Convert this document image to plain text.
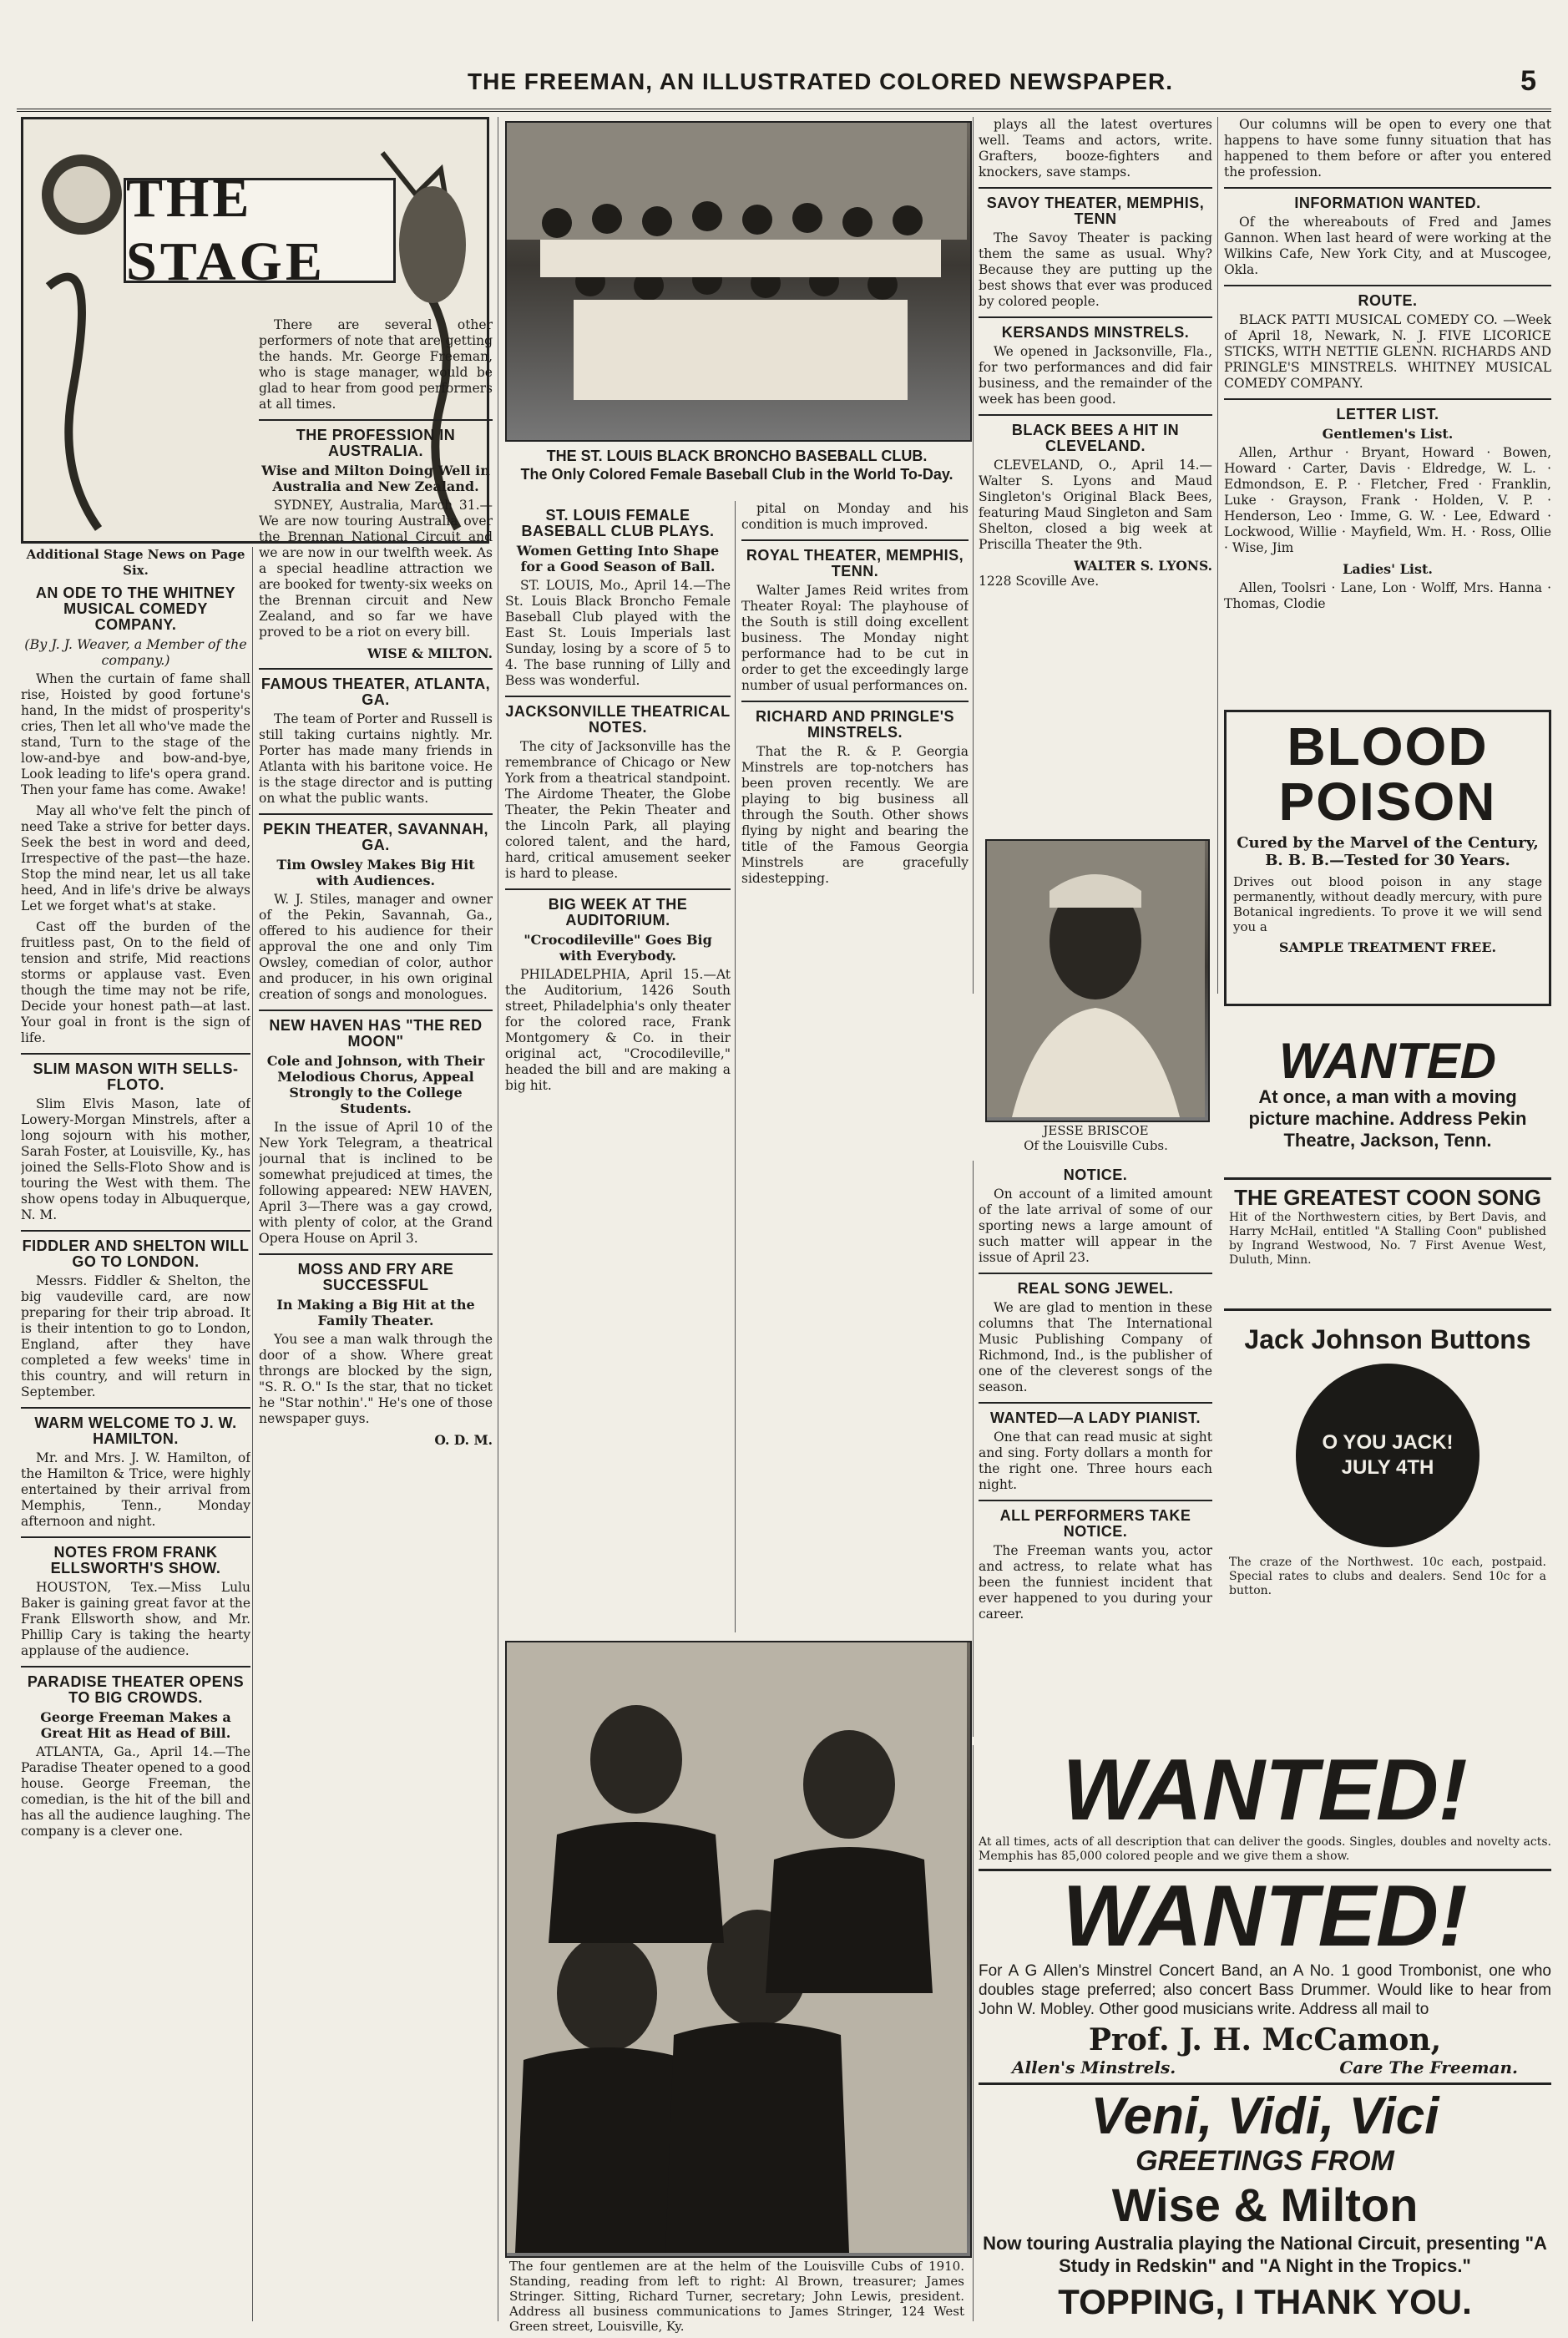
THE FREEMAN, AN ILLUSTRATED COLORED NEWSPAPER.	5
THE STAGE
Additional Stage News on Page Six.
AN ODE TO THE WHITNEY MUSICAL COMEDY COMPANY.
(By J. J. Weaver, a Member of the company.)

When the curtain of fame shall rise, Hoisted by good fortune's hand, In the midst of prosperity's cries, Then let all who've made the stand, Turn to the stage of the low-and-bye and bow-and-bye, Look leading to life's opera grand. Then your fame has come. Awake!

May all who've felt the pinch of need Take a strive for better days. Seek the best in word and deed, Irrespective of the past—the haze. Stop the mind near, let us all take heed, And in life's drive be always Let we forget what's at stake.

Cast off the burden of the fruitless past, On to the field of tension and strife, Mid reactions storms or applause vast. Even though the time may not be rife, Decide your honest path—at last. Your goal in front is the sign of life.

SLIM MASON WITH SELLS-FLOTO.

Slim Elvis Mason, late of Lowery-Morgan Minstrels, after a long sojourn with his mother, Sarah Foster, at Louisville, Ky., has joined the Sells-Floto Show and is touring the West with them. The show opens today in Albuquerque, N. M.

FIDDLER AND SHELTON WILL GO TO LONDON.

Messrs. Fiddler & Shelton, the big vaudeville card, are now preparing for their trip abroad. It is their intention to go to London, England, after they have completed a few weeks' time in this country, and will return in September.

WARM WELCOME TO J. W. HAMILTON.

Mr. and Mrs. J. W. Hamilton, of the Hamilton & Trice, were highly entertained by their arrival from Memphis, Tenn., Monday afternoon and night.

NOTES FROM FRANK ELLSWORTH'S SHOW.

HOUSTON, Tex.—Miss Lulu Baker is gaining great favor at the Frank Ellsworth show, and Mr. Phillip Cary is taking the hearty applause of the audience.

PARADISE THEATER OPENS TO BIG CROWDS.
George Freeman Makes a Great Hit as Head of Bill.

ATLANTA, Ga., April 14.—The Paradise Theater opened to a good house. George Freeman, the comedian, is the hit of the bill and has all the audience laughing. The company is a clever one.

There are several other performers of note that are getting the hands. Mr. George Freeman, who is stage manager, would be glad to hear from good performers at all times.

THE PROFESSION IN AUSTRALIA.
Wise and Milton Doing Well in Australia and New Zealand.

SYDNEY, Australia, March 31.—We are now touring Australia over the Brennan National Circuit and we are now in our twelfth week. As a special headline attraction we are booked for twenty-six weeks on the Brennan circuit and New Zealand, and so far we have proved to be a riot on every bill.

WISE & MILTON.
FAMOUS THEATER, ATLANTA, GA.

The team of Porter and Russell is still taking curtains nightly. Mr. Porter has made many friends in Atlanta with his baritone voice. He is the stage director and is putting on what the public wants.

PEKIN THEATER, SAVANNAH, GA.
Tim Owsley Makes Big Hit with Audiences.

W. J. Stiles, manager and owner of the Pekin, Savannah, Ga., offered to his audience for their approval the one and only Tim Owsley, comedian of color, author and producer, in his own original creation of songs and monologues.

NEW HAVEN HAS "THE RED MOON"
Cole and Johnson, with Their Melodious Chorus, Appeal Strongly to the College Students.

In the issue of April 10 of the New York Telegram, a theatrical journal that is inclined to be somewhat prejudiced at times, the following appeared: NEW HAVEN, April 3—There was a gay crowd, with plenty of color, at the Grand Opera House on April 3.

MOSS AND FRY ARE SUCCESSFUL
In Making a Big Hit at the Family Theater.

You see a man walk through the door of a show. Where great throngs are blocked by the sign, "S. R. O." Is the star, that no ticket he "Star nothin'." He's one of those newspaper guys.

O. D. M.
THE ST. LOUIS BLACK BRONCHO BASEBALL CLUB.
The Only Colored Female Baseball Club in the World To-Day.
ST. LOUIS FEMALE BASEBALL CLUB PLAYS.
Women Getting Into Shape for a Good Season of Ball.

ST. LOUIS, Mo., April 14.—The St. Louis Black Broncho Female Baseball Club played with the East St. Louis Imperials last Sunday, losing by a score of 5 to 4. The base running of Lilly and Bess was wonderful.

JACKSONVILLE THEATRICAL NOTES.

The city of Jacksonville has the remembrance of Chicago or New York from a theatrical standpoint. The Airdome Theater, the Globe Theater, the Pekin Theater and the Lincoln Park, all playing colored talent, and the hard, hard, critical amusement seeker is hard to please.

BIG WEEK AT THE AUDITORIUM.
"Crocodileville" Goes Big with Everybody.

PHILADELPHIA, April 15.—At the Auditorium, 1426 South street, Philadelphia's only theater for the colored race, Frank Montgomery & Co. in their original act, "Crocodileville," headed the bill and are making a big hit.

pital on Monday and his condition is much improved.

ROYAL THEATER, MEMPHIS, TENN.

Walter James Reid writes from Theater Royal: The playhouse of the South is still doing excellent business. The Monday night performance had to be cut in order to get the exceedingly large number of usual performances on.

RICHARD AND PRINGLE'S MINSTRELS.

That the R. & P. Georgia Minstrels are top-notchers has been proven recently. We are playing to big business all through the South. Other shows flying by night and bearing the title of the Famous Georgia Minstrels are gracefully sidestepping.

The four gentlemen are at the helm of the Louisville Cubs of 1910. Standing, reading from left to right: Al Brown, treasurer; James Stringer. Sitting, Richard Turner, secretary; John Lewis, president. Address all business communications to James Stringer, 124 West Green street, Louisville, Ky.

plays all the latest overtures well. Teams and actors, write. Grafters, booze-fighters and knockers, save stamps.

SAVOY THEATER, MEMPHIS, TENN

The Savoy Theater is packing them the same as usual. Why? Because they are putting up the best shows that ever was produced by colored people.

KERSANDS MINSTRELS.

We opened in Jacksonville, Fla., for two performances and did fair business, and the remainder of the week has been good.

BLACK BEES A HIT IN CLEVELAND.

CLEVELAND, O., April 14.—Walter S. Lyons and Maud Singleton's Original Black Bees, featuring Maud Singleton and Sam Shelton, closed a big week at Priscilla Theater the 9th.

WALTER S. LYONS.
1228 Scoville Ave.
JESSE BRISCOE
Of the Louisville Cubs.
NOTICE.

On account of a limited amount of the late arrival of some of our sporting news a large amount of such matter will appear in the issue of April 23.

REAL SONG JEWEL.

We are glad to mention in these columns that The International Music Publishing Company of Richmond, Ind., is the publisher of one of the cleverest songs of the season.

WANTED—A LADY PIANIST.

One that can read music at sight and sing. Forty dollars a month for the right one. Three hours each night.

ALL PERFORMERS TAKE NOTICE.

The Freeman wants you, actor and actress, to relate what has been the funniest incident that ever happened to you during your career.

Our columns will be open to every one that happens to have some funny situation that has happened to them before or after you entered the profession.

INFORMATION WANTED.

Of the whereabouts of Fred and James Gannon. When last heard of were working at the Wilkins Cafe, New York City, and at Muscogee, Okla.

ROUTE.

BLACK PATTI MUSICAL COMEDY CO. —Week of April 18, Newark, N. J. FIVE LICORICE STICKS, WITH NETTIE GLENN. RICHARDS AND PRINGLE'S MINSTRELS. WHITNEY MUSICAL COMEDY COMPANY.

LETTER LIST.
Gentlemen's List.

Allen, Arthur · Bryant, Howard · Bowen, Howard · Carter, Davis · Eldredge, W. L. · Edmondson, E. P. · Fletcher, Fred · Franklin, Luke · Grayson, Frank · Holden, V. P. · Henderson, Leo · Imme, G. W. · Lee, Edward · Lockwood, Willie · Mayfield, Wm. H. · Ross, Ollie · Wise, Jim

Ladies' List.

Allen, Toolsri · Lane, Lon · Wolff, Mrs. Hanna · Thomas, Clodie

BLOOD POISON
Cured by the Marvel of the Century, B. B. B.—Tested for 30 Years.
Drives out blood poison in any stage permanently, without deadly mercury, with pure Botanical ingredients. To prove it we will send you a
SAMPLE TREATMENT FREE.
WANTED
At once, a man with a moving picture machine. Address Pekin Theatre, Jackson, Tenn.
THE GREATEST COON SONG
Hit of the Northwestern cities, by Bert Davis, and Harry McHail, entitled "A Stalling Coon" published by Ingrand Westwood, No. 7 First Avenue West, Duluth, Minn.
Jack Johnson Buttons
O YOU JACK! JULY 4TH
The craze of the Northwest. 10c each, postpaid. Special rates to clubs and dealers. Send 10c for a button.
WANTED!
At all times, acts of all description that can deliver the goods. Singles, doubles and novelty acts. Memphis has 85,000 colored people and we give them a show.
WANTED!
For A G Allen's Minstrel Concert Band, an A No. 1 good Trombonist, one who doubles stage preferred; also concert Bass Drummer. Would like to hear from John W. Mobley. Other good musicians write. Address all mail to
Prof. J. H. McCamon,
Allen's Minstrels.	Care The Freeman.
Veni, Vidi, Vici
GREETINGS FROM
Wise & Milton
Now touring Australia playing the National Circuit, presenting "A Study in Redskin" and "A Night in the Tropics."
TOPPING, I THANK YOU.
